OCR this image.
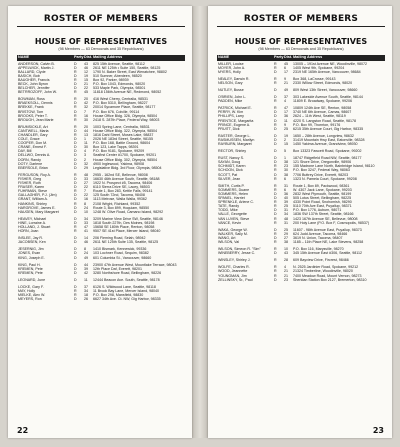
ROSTER OF MEMBERS
HOUSE OF REPRESENTATIVES
(98 Members — 63 Democrats and 35 Republicans)
NAME	Party Dist. Mailing Address
ANDERSON, Calvin B.	D	43	825 15th Avenue, Seattle, 98112
APPELWICK, Martin J.	D	46	2611 NE 125th • Suite 150, Seattle, 98125
BALLARD, Clyde	R	12	1790 N. Baker Street, East Wenatchee, 98802
BASICH, Bob	D	19	510 Sumner, Aberdeen, 98520
BAUGHER, Francis	R	15	Box 92, Parker, 98939
BECK, John Byron	D	21	P.O. Box 1043, Edmonds, 98020
BELCHER, Jennifer	D	22	533 Maple Park, Olympia, 98501
BETRROZOFF, John W.	R	45	11818 156th Avenue NE, Redmond, 98052
BOWMAN, Ross	R	20	416 West Cherry, Centralia, 98531
BRAEKSOLL, Dennis	D	42	P.O. Box 5310, Bellingham, 98227
BREKKE, Frank	R	32	20014 Sycamore Place, Seattle, 98177
BRISTOW, Tom	D	7	P.O. Box 676, Colville, 99114
BROOKS, Peter T.	R	16	House Office Bldg. 326, Olympia, 98504
BROUGH, Jean Marie	R	30	2418 S. 287th Place, Federal Way, 98003
BRUMSICKLE, Art	R	20	1003 Spring Lane, Centralia, 98531
CANTWELL, Maria	D	44	House Office Bldg. 322, Olympia, 98504
CHANDLER, Gary	R	13	1816 Dahl Street, Moses Lake, 98837
COLE, Grace	D	1	2026 NE 183rd Street, Seattle, 98155
COOPER, Don M.	D	11	P.O. Box 168, Battle Ground, 98604
CRANE, Ernest F.	D	30	Box 123, Lake Tapps, 98391
DAY, Bill	D	4	P.O. Box 9181, Spokane, 99209
DELLWO, Dennis A.	D	3	Seafirst Center #1700, Spokane, 99201
DORN, Randy	D	2	House Office Bldg. 302, Olympia, 98504
DOTY, Darlene	D	32	4900 Inglewood, Yakima, 98908
EBERSOLE, Brian	D	29	Legislative Bldg. 3rd Floor, Olympia, 98504
FERGUSON, Roy A.	R	48	2955 - 162nd SE, Bellevue, 98008
FISHER, Greg	D	33	16630 46th Avenue South, Seattle, 98188
FISHER, Ruth	D	27	1922 N. Prospect #5, Tacoma, 98406
FRASER, Karen	D	22	6110 Sierra Drive SE, Lacey, 98503
FUHRMAN, Steve	R	7	Route 1, Box 283, Kettle Falls, 99141
GALLAGHER, P.J. (Jim)	D	22	125 South 72nd, Tacoma, 98408
GRANT, William A.	D	16	1113 Melrose, Walla Walla, 99362
HANKINS, Shirley	R	8	2108 Wright, Richland, 99352
HARGROVE, James E.	D	24	Route 3, Box 899, Hoquiam, 98550
HAUGEN, Mary Margaret	D	10	1248 W. Olive Road, Camano Island, 98292
HEAVEY, Michael	D	34	3209 Marine View Drive SW, Seattle, 98146
HINE, Lorraine A.	D	33	1818 South 227th, Des Moines, 98198
HOLLAND, J. Stuart	R	47	15658 SE 180th Place, Renton, 98058
HORN, Joan	R	41	9507 SE 41st Place, Mercer Island, 98040
INSLEE, Jay R.	D	14	206 Fleming Road, Selah, 98942
JACOBSEN, Ken	D	46	2611 NE 125th Suite 135, Seattle, 98125
JESERNIG, Jim	D	8	1410 Bismark, Kennewick, 99336
JONES, Evan	D	24	103 Lochner Road, Sequim, 98382
KING, Joseph E.	D	49	601 Columbia St., Vancouver, 98660
KING, Paul H.	D	44	23900 47th Avenue West, Mountlake Terrace, 98043
KREMEN, Pete	D	39	12th Place Daf, Everett, 98201
KREMEN, Pete	D	42	3280 Northshore Road, Bellingham, 98226
LEONARD, June	D	11	12444 Beacon Ave. South, Seattle, 98178
LOCKE, Gary F.	D	37	6126 S. Wildwood Lane, Seattle, 98118
MAY, Holly	R	34	11 Brook Bay Lane, Mercer Island, 98040
MIELKE, Alex W.	R	18	P.O. Box 298, Mansfield, 98830
MEYERS, Ron	D	26	6627 34th Ave. Ct. NW, Gig Harbor, 98335
22
ROSTER OF MEMBERS
HOUSE OF REPRESENTATIVES
(98 Members — 63 Democrats and 35 Republicans)
NAME	Party Dist. Mailing Address
MILLER, Louise	R	45	13005 – 191st Avenue NE, Woodinville, 98072
MOYER, John A.	R	6	1405 West 9th, Spokane, 99204
MYERS, Holly	D	17	2319 NE 165th Avenue, Vancouver, 98684
NEALEY, Darwin R.	R	9	Box 368, LaCrosse, 99143
NELSON, Gary	R	21	2330 Willow Street, Edmonds, 98020
NUTLEY, Busse	D	49	809 West 13th Street, Vancouver, 98660
O'BRIEN, John L.	D	37	303 Lakeside Avenue South, Seattle, 98144
PADDEN, Mike	R	4	11809 E. Broadway, Spokane, 99206
PATRICK, Michael E.	R	47	10809 124th Ave SE, Renton, 98058
PERRY, W. Kim	D	17	3740 NE 6th Avenue, Camas, 98607
PHILLIPS, Larry	D	36	2624 – 11th West, Seattle, 98119
PRENTICE, Margarita	D	11	4220 S. Langston Road, Seattle, 98178
PRINCE, Eugene A.	R	9	P.O. Box 99, Thornton, 99176
PRUITT, Dick	D	25	6215 35th Avenue Court, Gig Harbor, 98335
RASTER, George L.	D	19	1650 – 28th Avenue, Longview, 98632
RASMUSSEN, Marilyn	D	2	31419 Mountain Hwy East, Eatonville, 98328
RAYBURN, Margaret	D	15	1450 Yakima Avenue, Grandview, 98930
RECTOR, Shirley	D	5	Box 13323 Fawcett Road, Spokane, 99202
RUST, Nancy S.	D	1	18747 Ridgefield Road NW, Seattle, 98177
SAYAN, Doug	D	38	121 Shore Drive, Oregonville, 98906
SCHMIDT, Karen	R	23	155 Madrone Lane North, Bainbridge Island, 98110
SCHOON, Dick	R	30	P.O. Box 3247, Federal Way, 98063
SCOTT, Pat	D	38	7706 Buttrey Drive, Everett, 98203
SILVER, Jean	R	6	1323 N. Pamela Court, Spokane, 99208
SMITH, Curtis P.	R	31	Route 1, Box 89, Packwood, 98361
SOMMERS, Duane	R	6	W. 4307 Jack Lane, Spokane, 99203
SOMMERS, Helen	D	36	2832 West Plymouth, Seattle, 98199
SPANEL, Harriet	D	40	505 Lotus Street, Bellingham, 98225
SPRENKLE, Arlene C.	R	39	4330 Point Road, Snohomish, 98290
TATE, Randy	R	25	5110 70th Ave East, Puyallup, 98371
TODD, Mike	D	31	P.O. Box 1776, Auburn, 98071
VALLE, Georgette	D	34	1836 SW 137th Street, Seattle, 98166
VAN LUVEN, Steve	R	48	1423 167th Avenue SE, Bellevue, 98008
VANCE, Kevin	R	31	200 Hoiy Lane (P.O. Box F, Cosmopolis, 98537)
WAKA, George W.	D	25	11607 - 98th Avenue East, Puyallup, 98373
WALKER, Sally M.	R	29	624 Judd Avenue, Tacoma, 98466
WANG, Art	D	27	3619 N. Union, Tacoma, 98407
WILSON, Val	R	38	1185 – 11th Place NE, Lake Stevens, 98258
WILSON, Simeon R. "Sim"	R	10	P.O. Box 116, Marysville, 98270
WINEBERRY, Jesse C.	D	43	345 15th Avenue East #306, Seattle, 98112
WINSLEY, Shirley J.	R	28	609 Bayview Drive, Fircrest, 98466
WOLFE, Charles R.	R	4	N. 2525 Jardinier Road, Spokane, 99212
WOOD, Jeannette	R	21	21324 Timberline, Woodinville, 98020
YOUNGMAN, Jim	R	21	7400 Meadow Road, Mount Vernon, 98273
ZELLINSKY, Sr., Paul	D	23	Sheridan Station Box 2127, Bremerton, 98310
23
